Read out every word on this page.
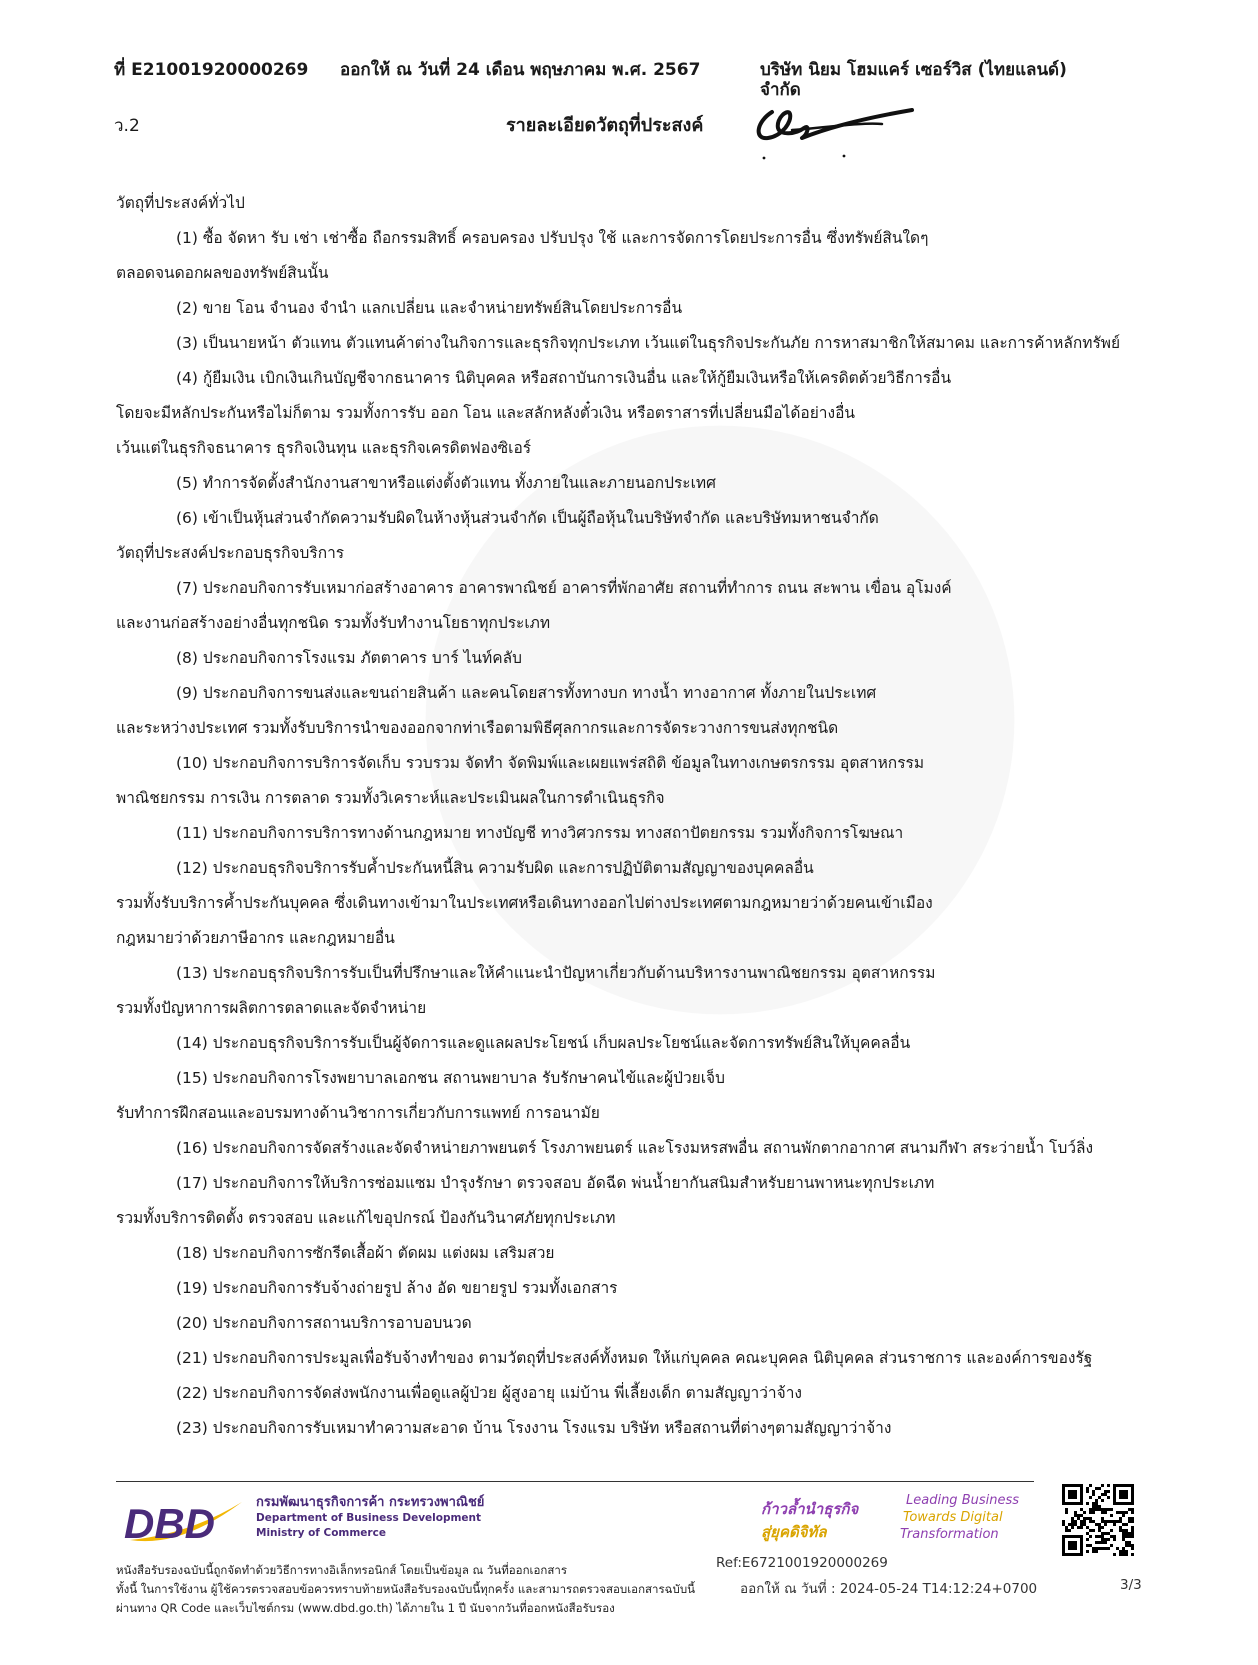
ที่ E21001920000269 ออกให้ ณ วันที่ 24 เดือน พฤษภาคม พ.ศ. 2567	บริษัท นิยม โฮมแคร์ เซอร์วิส (ไทยแลนด์)
จำกัด
ว.2	รายละเอียดวัตถุที่ประสงค์

วัตถุที่ประสงค์ทั่วไป

(1) ซื้อ จัดหา รับ เช่า เช่าซื้อ ถือกรรมสิทธิ์ ครอบครอง ปรับปรุง ใช้ และการจัดการโดยประการอื่น ซึ่งทรัพย์สินใดๆ

ตลอดจนดอกผลของทรัพย์สินนั้น

(2) ขาย โอน จำนอง จำนำ แลกเปลี่ยน และจำหน่ายทรัพย์สินโดยประการอื่น

(3) เป็นนายหน้า ตัวแทน ตัวแทนค้าต่างในกิจการและธุรกิจทุกประเภท เว้นแต่ในธุรกิจประกันภัย การหาสมาชิกให้สมาคม และการค้าหลักทรัพย์

(4) กู้ยืมเงิน เบิกเงินเกินบัญชีจากธนาคาร นิติบุคคล หรือสถาบันการเงินอื่น และให้กู้ยืมเงินหรือให้เครดิตด้วยวิธีการอื่น

โดยจะมีหลักประกันหรือไม่ก็ตาม รวมทั้งการรับ ออก โอน และสลักหลังตั๋วเงิน หรือตราสารที่เปลี่ยนมือได้อย่างอื่น

เว้นแต่ในธุรกิจธนาคาร ธุรกิจเงินทุน และธุรกิจเครดิตฟองซิเอร์

(5) ทำการจัดตั้งสำนักงานสาขาหรือแต่งตั้งตัวแทน ทั้งภายในและภายนอกประเทศ

(6) เข้าเป็นหุ้นส่วนจำกัดความรับผิดในห้างหุ้นส่วนจำกัด เป็นผู้ถือหุ้นในบริษัทจำกัด และบริษัทมหาชนจำกัด

วัตถุที่ประสงค์ประกอบธุรกิจบริการ

(7) ประกอบกิจการรับเหมาก่อสร้างอาคาร อาคารพาณิชย์ อาคารที่พักอาศัย สถานที่ทำการ ถนน สะพาน เขื่อน อุโมงค์

และงานก่อสร้างอย่างอื่นทุกชนิด รวมทั้งรับทำงานโยธาทุกประเภท

(8) ประกอบกิจการโรงแรม ภัตตาคาร บาร์ ไนท์คลับ

(9) ประกอบกิจการขนส่งและขนถ่ายสินค้า และคนโดยสารทั้งทางบก ทางน้ำ ทางอากาศ ทั้งภายในประเทศ

และระหว่างประเทศ รวมทั้งรับบริการนำของออกจากท่าเรือตามพิธีศุลกากรและการจัดระวางการขนส่งทุกชนิด

(10) ประกอบกิจการบริการจัดเก็บ รวบรวม จัดทำ จัดพิมพ์และเผยแพร่สถิติ ข้อมูลในทางเกษตรกรรม อุตสาหกรรม

พาณิชยกรรม การเงิน การตลาด รวมทั้งวิเคราะห์และประเมินผลในการดำเนินธุรกิจ

(11) ประกอบกิจการบริการทางด้านกฎหมาย ทางบัญชี ทางวิศวกรรม ทางสถาปัตยกรรม รวมทั้งกิจการโฆษณา

(12) ประกอบธุรกิจบริการรับค้ำประกันหนี้สิน ความรับผิด และการปฏิบัติตามสัญญาของบุคคลอื่น

รวมทั้งรับบริการค้ำประกันบุคคล ซึ่งเดินทางเข้ามาในประเทศหรือเดินทางออกไปต่างประเทศตามกฎหมายว่าด้วยคนเข้าเมือง

กฎหมายว่าด้วยภาษีอากร และกฎหมายอื่น

(13) ประกอบธุรกิจบริการรับเป็นที่ปรึกษาและให้คำแนะนำปัญหาเกี่ยวกับด้านบริหารงานพาณิชยกรรม อุตสาหกรรม

รวมทั้งปัญหาการผลิตการตลาดและจัดจำหน่าย

(14) ประกอบธุรกิจบริการรับเป็นผู้จัดการและดูแลผลประโยชน์ เก็บผลประโยชน์และจัดการทรัพย์สินให้บุคคลอื่น

(15) ประกอบกิจการโรงพยาบาลเอกชน สถานพยาบาล รับรักษาคนไข้และผู้ป่วยเจ็บ

รับทำการฝึกสอนและอบรมทางด้านวิชาการเกี่ยวกับการแพทย์ การอนามัย

(16) ประกอบกิจการจัดสร้างและจัดจำหน่ายภาพยนตร์ โรงภาพยนตร์ และโรงมหรสพอื่น สถานพักตากอากาศ สนามกีฬา สระว่ายน้ำ โบว์ลิ่ง

(17) ประกอบกิจการให้บริการซ่อมแซม บำรุงรักษา ตรวจสอบ อัดฉีด พ่นน้ำยากันสนิมสำหรับยานพาหนะทุกประเภท

รวมทั้งบริการติดตั้ง ตรวจสอบ และแก้ไขอุปกรณ์ ป้องกันวินาศภัยทุกประเภท

(18) ประกอบกิจการซักรีดเสื้อผ้า ตัดผม แต่งผม เสริมสวย

(19) ประกอบกิจการรับจ้างถ่ายรูป ล้าง อัด ขยายรูป รวมทั้งเอกสาร

(20) ประกอบกิจการสถานบริการอาบอบนวด

(21) ประกอบกิจการประมูลเพื่อรับจ้างทำของ ตามวัตถุที่ประสงค์ทั้งหมด ให้แก่บุคคล คณะบุคคล นิติบุคคล ส่วนราชการ และองค์การของรัฐ

(22) ประกอบกิจการจัดส่งพนักงานเพื่อดูแลผู้ป่วย ผู้สูงอายุ แม่บ้าน พี่เลี้ยงเด็ก ตามสัญญาว่าจ้าง

(23) ประกอบกิจการรับเหมาทำความสะอาด บ้าน โรงงาน โรงแรม บริษัท หรือสถานที่ต่างๆตามสัญญาว่าจ้าง

DBD	กรมพัฒนาธุรกิจการค้า กระทรวงพาณิชย์
Department of Business Development
Ministry of Commerce
ก้าวล้ำนำธุรกิจ
สู่ยุคดิจิทัล
Leading Business
Towards Digital
Transformation
หนังสือรับรองฉบับนี้ถูกจัดทำด้วยวิธีการทางอิเล็กทรอนิกส์ โดยเป็นข้อมูล ณ วันที่ออกเอกสาร
ทั้งนี้ ในการใช้งาน ผู้ใช้ควรตรวจสอบข้อควรทราบท้ายหนังสือรับรองฉบับนี้ทุกครั้ง และสามารถตรวจสอบเอกสารฉบับนี้
ผ่านทาง QR Code และเว็บไซต์กรม (www.dbd.go.th) ได้ภายใน 1 ปี นับจากวันที่ออกหนังสือรับรอง
Ref:E6721001920000269
ออกให้ ณ วันที่ : 2024-05-24 T14:12:24+0700	3/3
